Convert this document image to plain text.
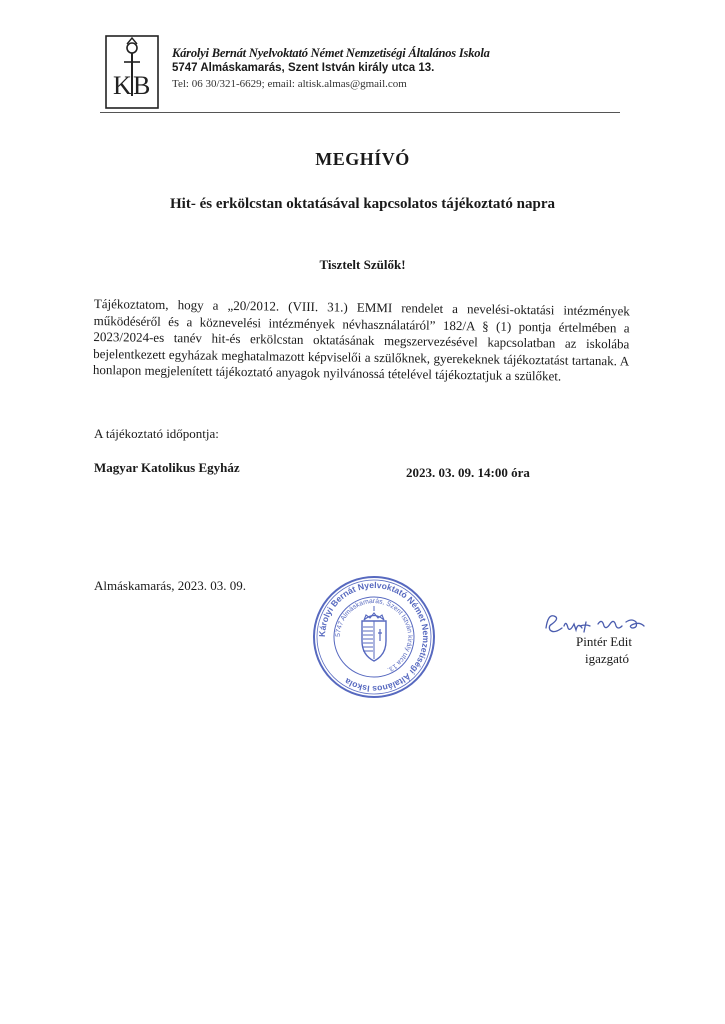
K B
Károlyi Bernát Nyelvoktató Német Nemzetiségi Általános Iskola
5747 Almáskamarás, Szent István király utca 13.
Tel: 06 30/321-6629; email: altisk.almas@gmail.com
MEGHÍVÓ
Hit- és erkölcstan oktatásával kapcsolatos tájékoztató napra
Tisztelt Szülők!

Tájékoztatom, hogy a „20/2012. (VIII. 31.) EMMI rendelet a nevelési-oktatási intézmények működéséről és a köznevelési intézmények névhasználatáról” 182/A § (1) pontja értelmében a 2023/2024-es tanév hit-és erkölcstan oktatásának megszervezésével kapcsolatban az iskolába bejelentkezett egyházak meghatalmazott képviselői a szülőknek, gyerekeknek tájékoztatást tartanak. A honlapon megjelenített tájékoztató anyagok nyilvánossá tételével tájékoztatjuk a szülőket.

A tájékoztató időpontja:
Magyar Katolikus Egyház	2023. 03. 09. 14:00 óra
Almáskamarás, 2023. 03. 09.
Károlyi Bernát Nyelvoktató Német Nemzetiségi Általános Iskola
5747 Almáskamarás, Szent István király utca 13.
Pintér Edit
igazgató
